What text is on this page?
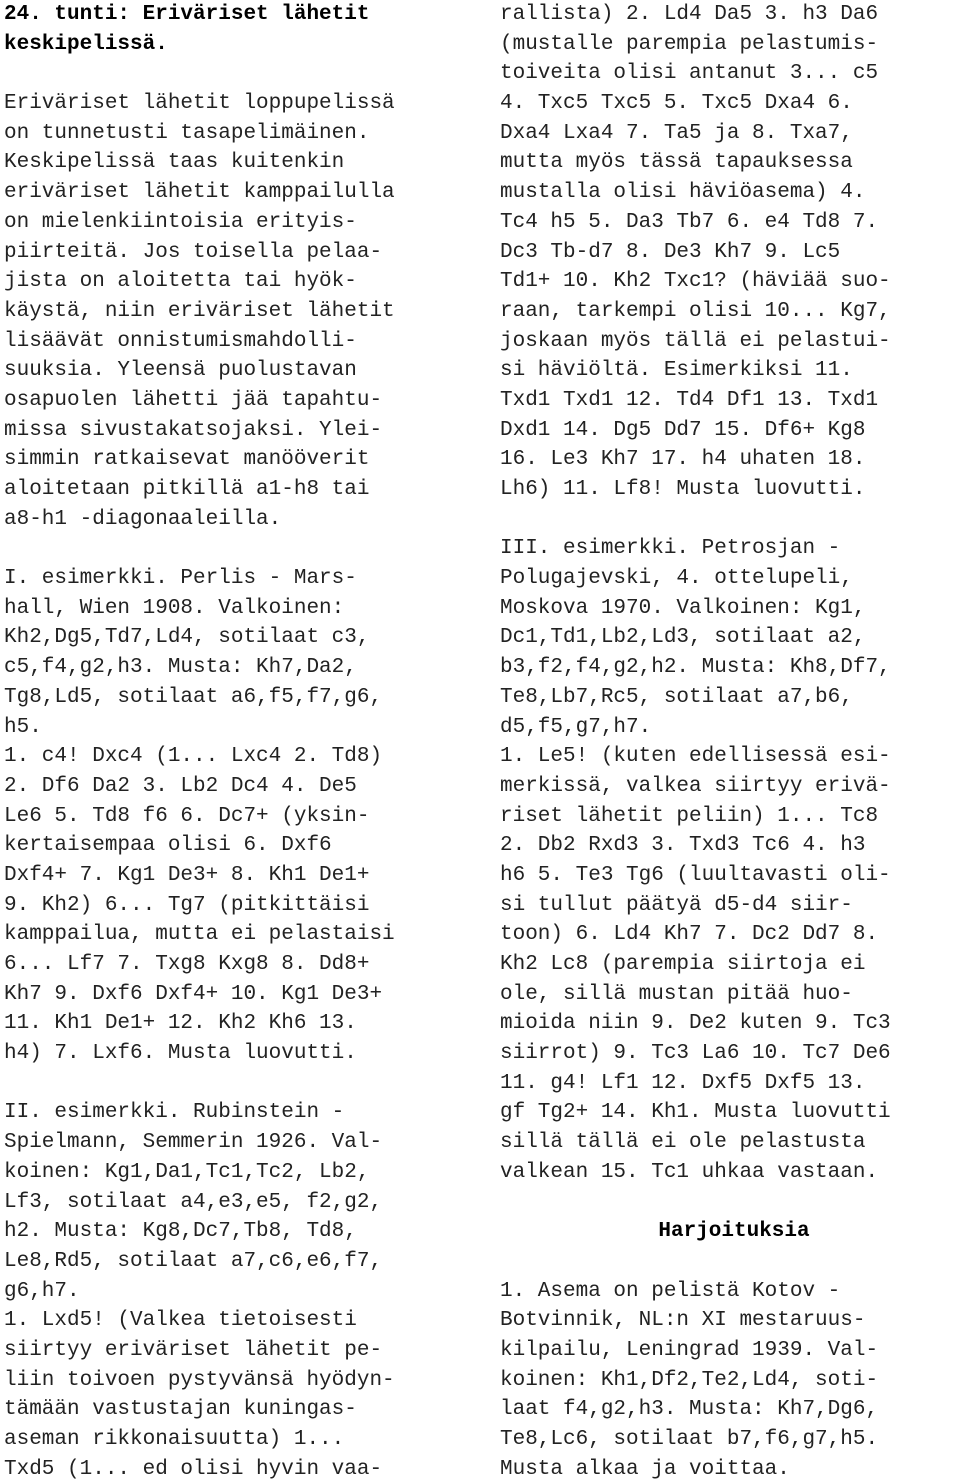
24. tunti: Eriväriset lähetit
keskipelissä.
Eriväriset lähetit loppupelissä
on tunnetusti tasapelimäinen.
Keskipelissä taas kuitenkin
eriväriset lähetit kamppailulla
on mielenkiintoisia erityis-
piirteitä. Jos toisella pelaa-
jista on aloitetta tai hyök-
käystä, niin eriväriset lähetit
lisäävät onnistumismahdolli-
suuksia. Yleensä puolustavan
osapuolen lähetti jää tapahtu-
missa sivustakatsojaksi. Ylei-
simmin ratkaisevat manööverit
aloitetaan pitkillä a1-h8 tai
a8-h1 -diagonaaleilla.
I. esimerkki. Perlis - Mars-
hall, Wien 1908. Valkoinen:
Kh2,Dg5,Td7,Ld4, sotilaat c3,
c5,f4,g2,h3. Musta: Kh7,Da2,
Tg8,Ld5, sotilaat a6,f5,f7,g6,
h5.
1. c4! Dxc4 (1... Lxc4 2. Td8)
2. Df6 Da2 3. Lb2 Dc4 4. De5
Le6 5. Td8 f6 6. Dc7+ (yksin-
kertaisempaa olisi 6. Dxf6
Dxf4+ 7. Kg1 De3+ 8. Kh1 De1+
9. Kh2) 6... Tg7 (pitkittäisi
kamppailua, mutta ei pelastaisi
6... Lf7 7. Txg8 Kxg8 8. Dd8+
Kh7 9. Dxf6 Dxf4+ 10. Kg1 De3+
11. Kh1 De1+ 12. Kh2 Kh6 13.
h4) 7. Lxf6. Musta luovutti.
II. esimerkki. Rubinstein -
Spielmann, Semmerin 1926. Val-
koinen: Kg1,Da1,Tc1,Tc2, Lb2,
Lf3, sotilaat a4,e3,e5, f2,g2,
h2. Musta: Kg8,Dc7,Tb8, Td8,
Le8,Rd5, sotilaat a7,c6,e6,f7,
g6,h7.
1. Lxd5! (Valkea tietoisesti
siirtyy eriväriset lähetit pe-
liin toivoen pystyvänsä hyödyn-
tämään vastustajan kuningas-
aseman rikkonaisuutta) 1...
Txd5 (1... ed olisi hyvin vaa-
rallista) 2. Ld4 Da5 3. h3 Da6
(mustalle parempia pelastumis-
toiveita olisi antanut 3... c5
4. Txc5 Txc5 5. Txc5 Dxa4 6.
Dxa4 Lxa4 7. Ta5 ja 8. Txa7,
mutta myös tässä tapauksessa
mustalla olisi häviöasema) 4.
Tc4 h5 5. Da3 Tb7 6. e4 Td8 7.
Dc3 Tb-d7 8. De3 Kh7 9. Lc5
Td1+ 10. Kh2 Txc1? (häviää suo-
raan, tarkempi olisi 10... Kg7,
joskaan myös tällä ei pelastui-
si häviöltä. Esimerkiksi 11.
Txd1 Txd1 12. Td4 Df1 13. Txd1
Dxd1 14. Dg5 Dd7 15. Df6+ Kg8
16. Le3 Kh7 17. h4 uhaten 18.
Lh6) 11. Lf8! Musta luovutti.
III. esimerkki. Petrosjan -
Polugajevski, 4. ottelupeli,
Moskova 1970. Valkoinen: Kg1,
Dc1,Td1,Lb2,Ld3, sotilaat a2,
b3,f2,f4,g2,h2. Musta: Kh8,Df7,
Te8,Lb7,Rc5, sotilaat a7,b6,
d5,f5,g7,h7.
1. Le5! (kuten edellisessä esi-
merkissä, valkea siirtyy erivä-
riset lähetit peliin) 1... Tc8
2. Db2 Rxd3 3. Txd3 Tc6 4. h3
h6 5. Te3 Tg6 (luultavasti oli-
si tullut päätyä d5-d4 siir-
toon) 6. Ld4 Kh7 7. Dc2 Dd7 8.
Kh2 Lc8 (parempia siirtoja ei
ole, sillä mustan pitää huo-
mioida niin 9. De2 kuten 9. Tc3
siirrot) 9. Tc3 La6 10. Tc7 De6
11. g4! Lf1 12. Dxf5 Dxf5 13.
gf Tg2+ 14. Kh1. Musta luovutti
sillä tällä ei ole pelastusta
valkean 15. Tc1 uhkaa vastaan.
Harjoituksia
1. Asema on pelistä Kotov -
Botvinnik, NL:n XI mestaruus-
kilpailu, Leningrad 1939. Val-
koinen: Kh1,Df2,Te2,Ld4, soti-
laat f4,g2,h3. Musta: Kh7,Dg6,
Te8,Lc6, sotilaat b7,f6,g7,h5.
Musta alkaa ja voittaa.
